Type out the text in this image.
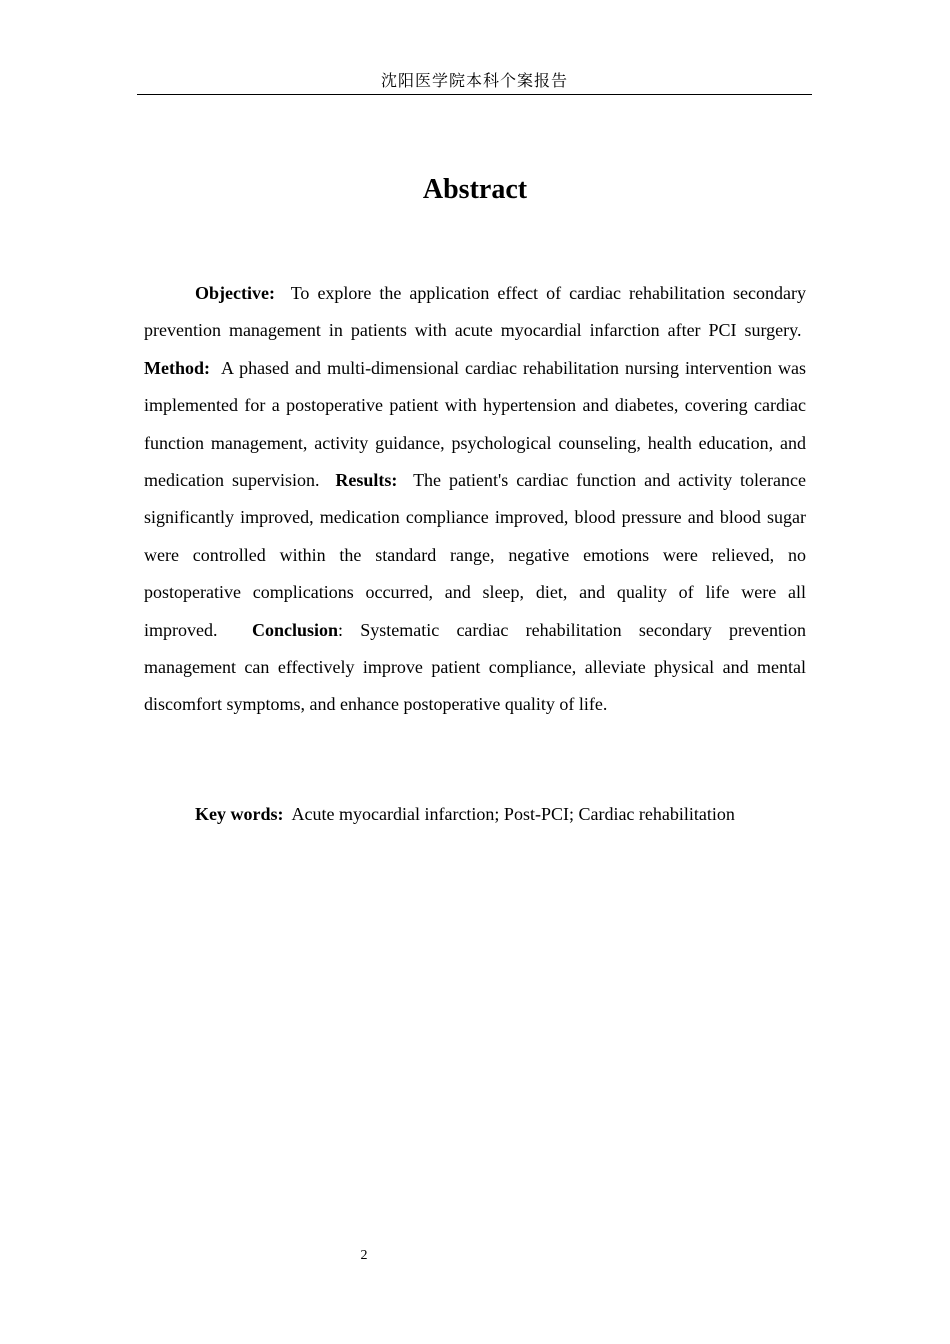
沈阳医学院本科个案报告
Abstract

Objective: To explore the application effect of cardiac rehabilitation secondary prevention management in patients with acute myocardial infarction after PCI surgery.  Method: A phased and multi-dimensional cardiac rehabilitation nursing intervention was implemented for a postoperative patient with hypertension and diabetes, covering cardiac function management, activity guidance, psychological counseling, health education, and medication supervision. Results: The patient's cardiac function and activity tolerance significantly improved, medication compliance improved, blood pressure and blood sugar were controlled within the standard range, negative emotions were relieved, no postoperative complications occurred, and sleep, diet, and quality of life were all improved. Conclusion: Systematic cardiac rehabilitation secondary prevention management can effectively improve patient compliance, alleviate physical and mental discomfort symptoms, and enhance postoperative quality of life.

Key words: Acute myocardial infarction; Post-PCI; Cardiac rehabilitation

2
